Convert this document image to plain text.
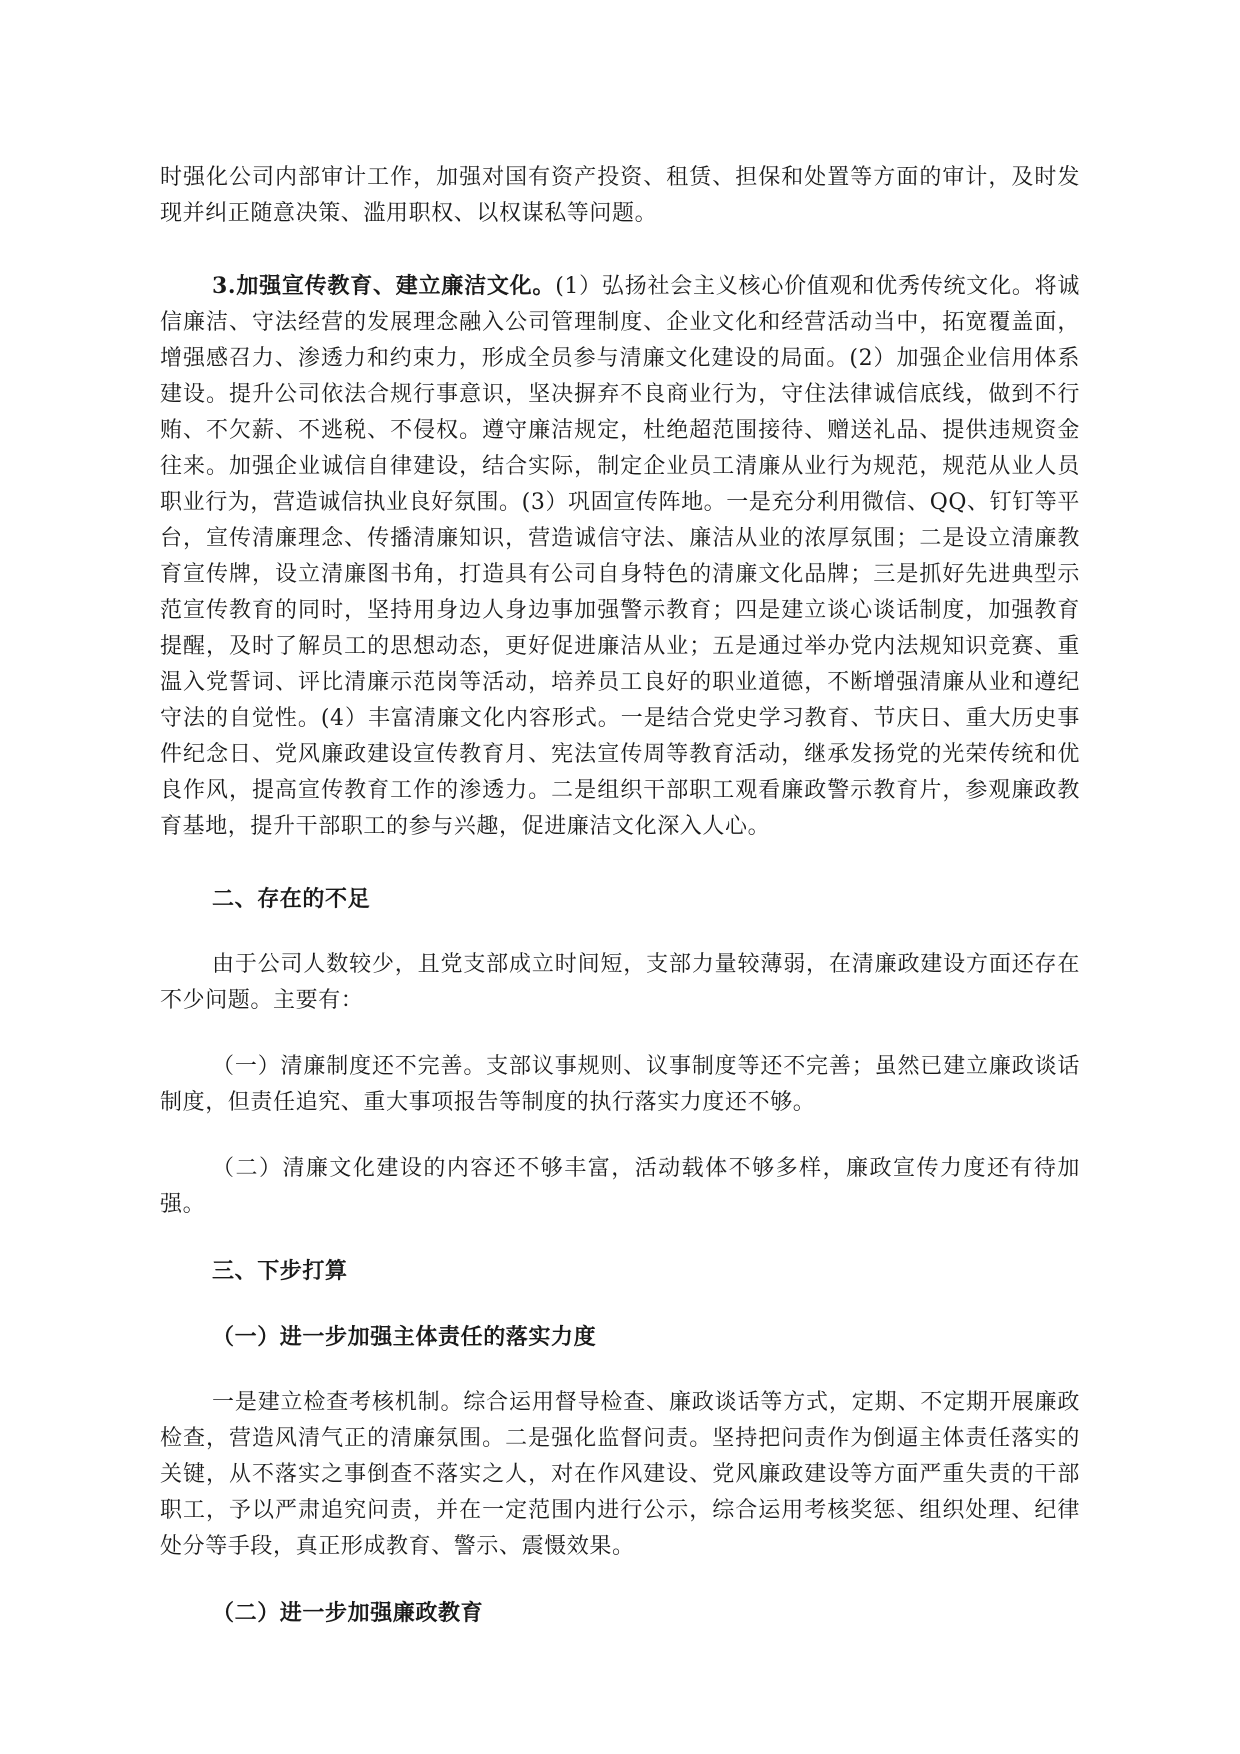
时强化公司内部审计工作，加强对国有资产投资、租赁、担保和处置等方面的审计，及时发现并纠正随意决策、滥用职权、以权谋私等问题。

3.加强宣传教育、建立廉洁文化。(1）弘扬社会主义核心价值观和优秀传统文化。将诚信廉洁、守法经营的发展理念融入公司管理制度、企业文化和经营活动当中，拓宽覆盖面，增强感召力、渗透力和约束力，形成全员参与清廉文化建设的局面。(2）加强企业信用体系建设。提升公司依法合规行事意识，坚决摒弃不良商业行为，守住法律诚信底线，做到不行贿、不欠薪、不逃税、不侵权。遵守廉洁规定，杜绝超范围接待、赠送礼品、提供违规资金往来。加强企业诚信自律建设，结合实际，制定企业员工清廉从业行为规范，规范从业人员职业行为，营造诚信执业良好氛围。(3）巩固宣传阵地。一是充分利用微信、QQ、钉钉等平台，宣传清廉理念、传播清廉知识，营造诚信守法、廉洁从业的浓厚氛围；二是设立清廉教育宣传牌，设立清廉图书角，打造具有公司自身特色的清廉文化品牌；三是抓好先进典型示范宣传教育的同时，坚持用身边人身边事加强警示教育；四是建立谈心谈话制度，加强教育提醒，及时了解员工的思想动态，更好促进廉洁从业；五是通过举办党内法规知识竞赛、重温入党誓词、评比清廉示范岗等活动，培养员工良好的职业道德，不断增强清廉从业和遵纪守法的自觉性。(4）丰富清廉文化内容形式。一是结合党史学习教育、节庆日、重大历史事件纪念日、党风廉政建设宣传教育月、宪法宣传周等教育活动，继承发扬党的光荣传统和优良作风，提高宣传教育工作的渗透力。二是组织干部职工观看廉政警示教育片，参观廉政教育基地，提升干部职工的参与兴趣，促进廉洁文化深入人心。

二、存在的不足

由于公司人数较少，且党支部成立时间短，支部力量较薄弱，在清廉政建设方面还存在不少问题。主要有：

（一）清廉制度还不完善。支部议事规则、议事制度等还不完善；虽然已建立廉政谈话制度，但责任追究、重大事项报告等制度的执行落实力度还不够。

（二）清廉文化建设的内容还不够丰富，活动载体不够多样，廉政宣传力度还有待加强。

三、下步打算

（一）进一步加强主体责任的落实力度

一是建立检查考核机制。综合运用督导检查、廉政谈话等方式，定期、不定期开展廉政检查，营造风清气正的清廉氛围。二是强化监督问责。坚持把问责作为倒逼主体责任落实的关键，从不落实之事倒查不落实之人，对在作风建设、党风廉政建设等方面严重失责的干部职工，予以严肃追究问责，并在一定范围内进行公示，综合运用考核奖惩、组织处理、纪律处分等手段，真正形成教育、警示、震慑效果。

（二）进一步加强廉政教育
